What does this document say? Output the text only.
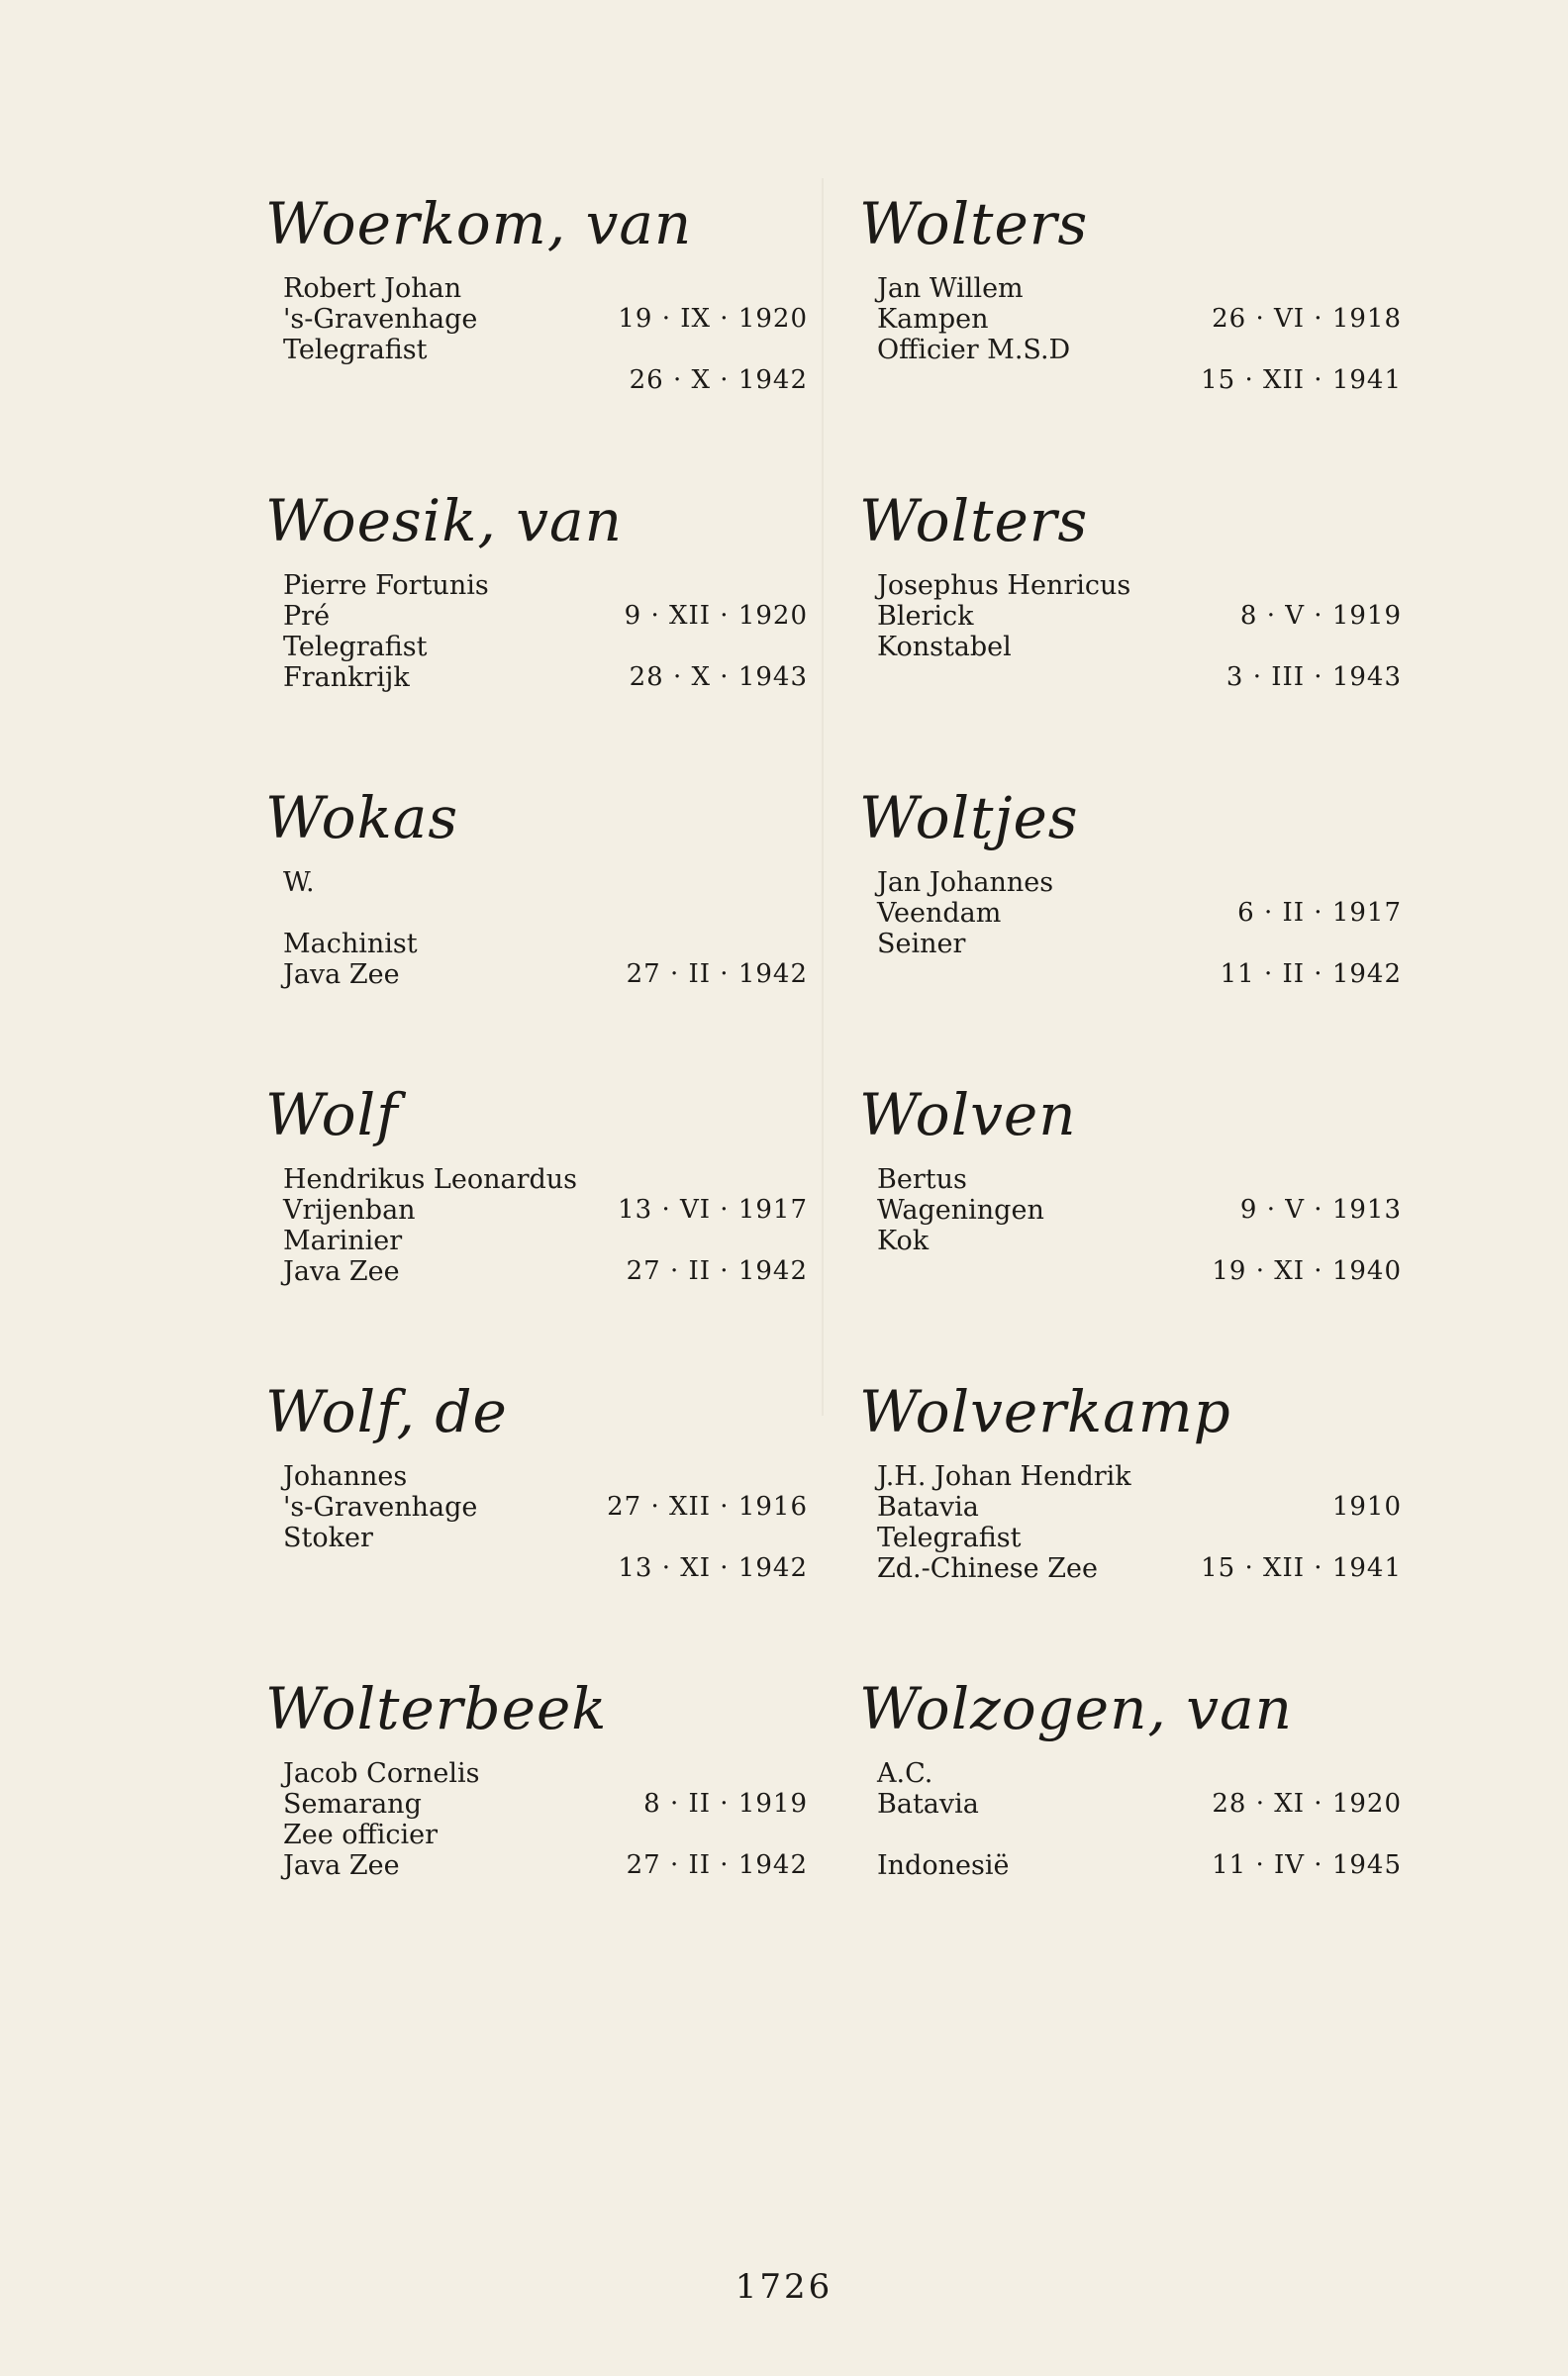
Woerkom, van
Robert Johan
's-Gravenhage	19 · IX · 1920
Telegrafist
26 · X · 1942
Woesik, van
Pierre Fortunis
Pré	9 · XII · 1920
Telegrafist
Frankrijk	28 · X · 1943
Wokas
W.
Machinist
Java Zee	27 · II · 1942
Wolf
Hendrikus Leonardus
Vrijenban	13 · VI · 1917
Marinier
Java Zee	27 · II · 1942
Wolf, de
Johannes
's-Gravenhage	27 · XII · 1916
Stoker
13 · XI · 1942
Wolterbeek
Jacob Cornelis
Semarang	8 · II · 1919
Zee officier
Java Zee	27 · II · 1942
Wolters
Jan Willem
Kampen	26 · VI · 1918
Officier M.S.D
15 · XII · 1941
Wolters
Josephus Henricus
Blerick	8 · V · 1919
Konstabel
3 · III · 1943
Woltjes
Jan Johannes
Veendam	6 · II · 1917
Seiner
11 · II · 1942
Wolven
Bertus
Wageningen	9 · V · 1913
Kok
19 · XI · 1940
Wolverkamp
J.H. Johan Hendrik
Batavia	1910
Telegrafist
Zd.-Chinese Zee	15 · XII · 1941
Wolzogen, van
A.C.
Batavia	28 · XI · 1920
Indonesië	11 · IV · 1945
1726
